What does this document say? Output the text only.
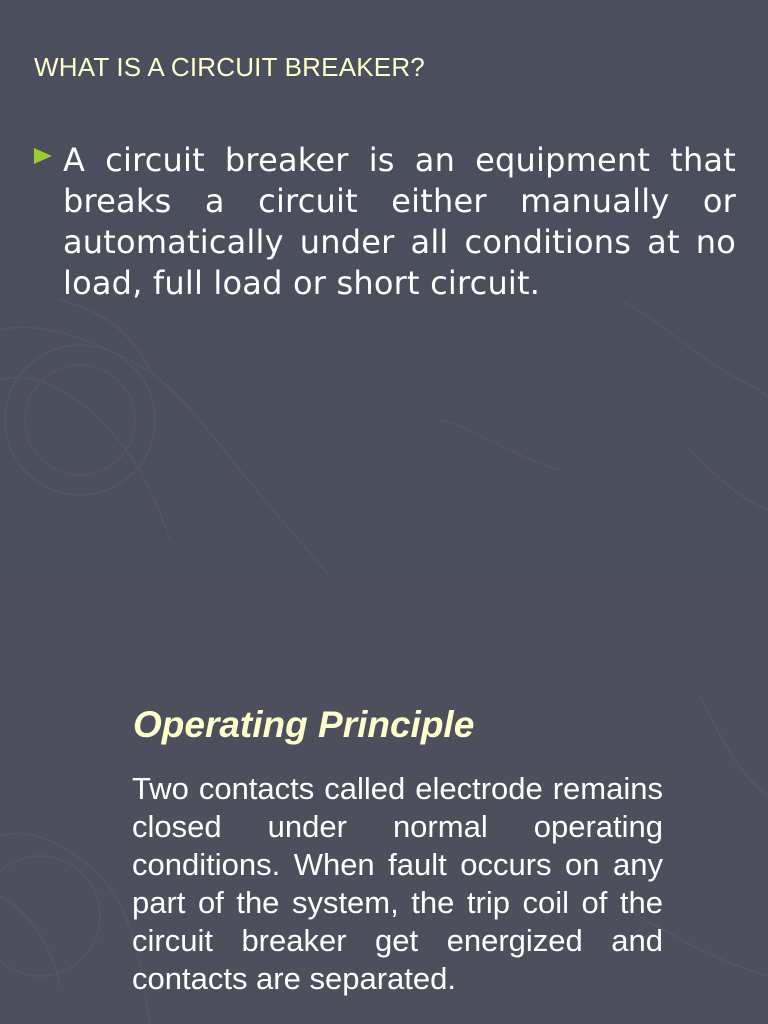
WHAT IS A CIRCUIT BREAKER?
A circuit breaker is an equipment that breaks a circuit either manually or automatically under all conditions at no load, full load or short circuit.
Operating Principle
Two contacts called electrode remains closed under normal operating conditions. When fault occurs on any part of the system, the trip coil of the circuit breaker get energized and contacts are separated.
